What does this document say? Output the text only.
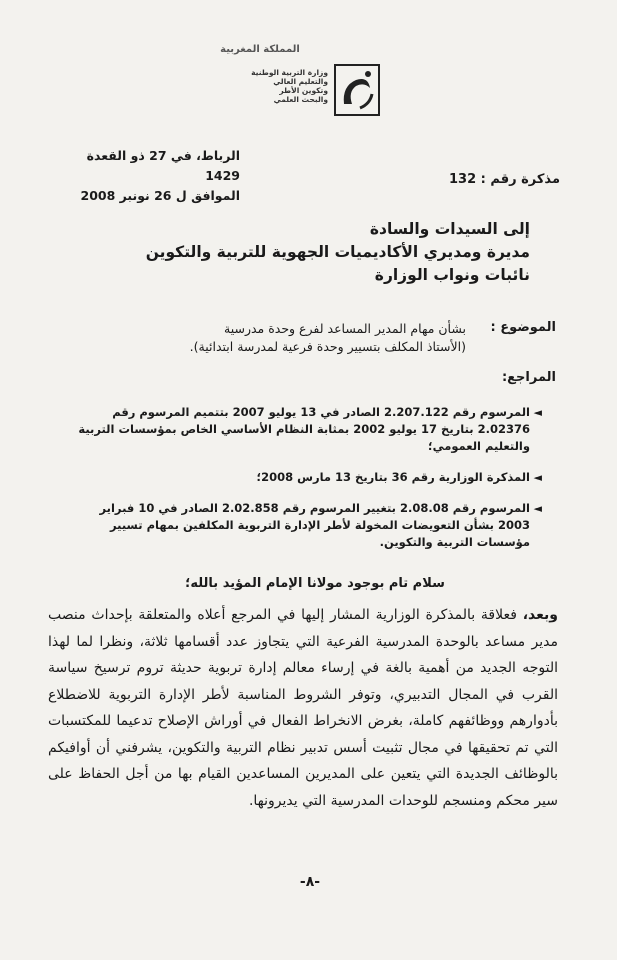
المملكة المغربية
وزارة التربية الوطنية
والتعليم العالي
وتكوين الأطر
والبحث العلمي
الرباط، في 27 ذو القعدة 1429
الموافق ل 26 نونبر 2008
مذكرة رقم : 132
إلى السيدات والسادة
مديرة ومديري الأكاديميات الجهوية للتربية والتكوين
نائبات ونواب الوزارة
الموضوع :
بشأن مهام المدير المساعد لفرع وحدة مدرسية
(الأستاذ المكلف بتسيير وحدة فرعية لمدرسة ابتدائية).
المراجع:
◄
المرسوم رقم 2.207.122 الصادر في 13 يوليو 2007 بتتميم المرسوم رقم 2.02376 بتاريخ 17 يوليو 2002 بمثابة النظام الأساسي الخاص بمؤسسات التربية والتعليم العمومي؛
◄
المذكرة الوزارية رقم 36 بتاريخ 13 مارس 2008؛
◄
المرسوم رقم 2.08.08 بتغيير المرسوم رقم 2.02.858 الصادر في 10 فبراير 2003 بشأن التعويضات المخولة لأطر الإدارة التربوية المكلفين بمهام تسيير مؤسسات التربية والتكوين.
سلام تام بوجود مولانا الإمام المؤيد بالله؛
وبعد، فعلاقة بالمذكرة الوزارية المشار إليها في المرجع أعلاه والمتعلقة بإحداث منصب مدير مساعد بالوحدة المدرسية الفرعية التي يتجاوز عدد أقسامها ثلاثة، ونظرا لما لهذا التوجه الجديد من أهمية بالغة في إرساء معالم إدارة تربوية حديثة تروم ترسيخ سياسة القرب في المجال التدبيري، وتوفر الشروط المناسبة لأطر الإدارة التربوية للاضطلاع بأدوارهم ووظائفهم كاملة، بغرض الانخراط الفعال في أوراش الإصلاح تدعيما للمكتسبات التي تم تحقيقها في مجال تثبيت أسس تدبير نظام التربية والتكوين، يشرفني أن أوافيكم بالوظائف الجديدة التي يتعين على المديرين المساعدين القيام بها من أجل الحفاظ على سير محكم ومنسجم للوحدات المدرسية التي يديرونها.
-٨-
